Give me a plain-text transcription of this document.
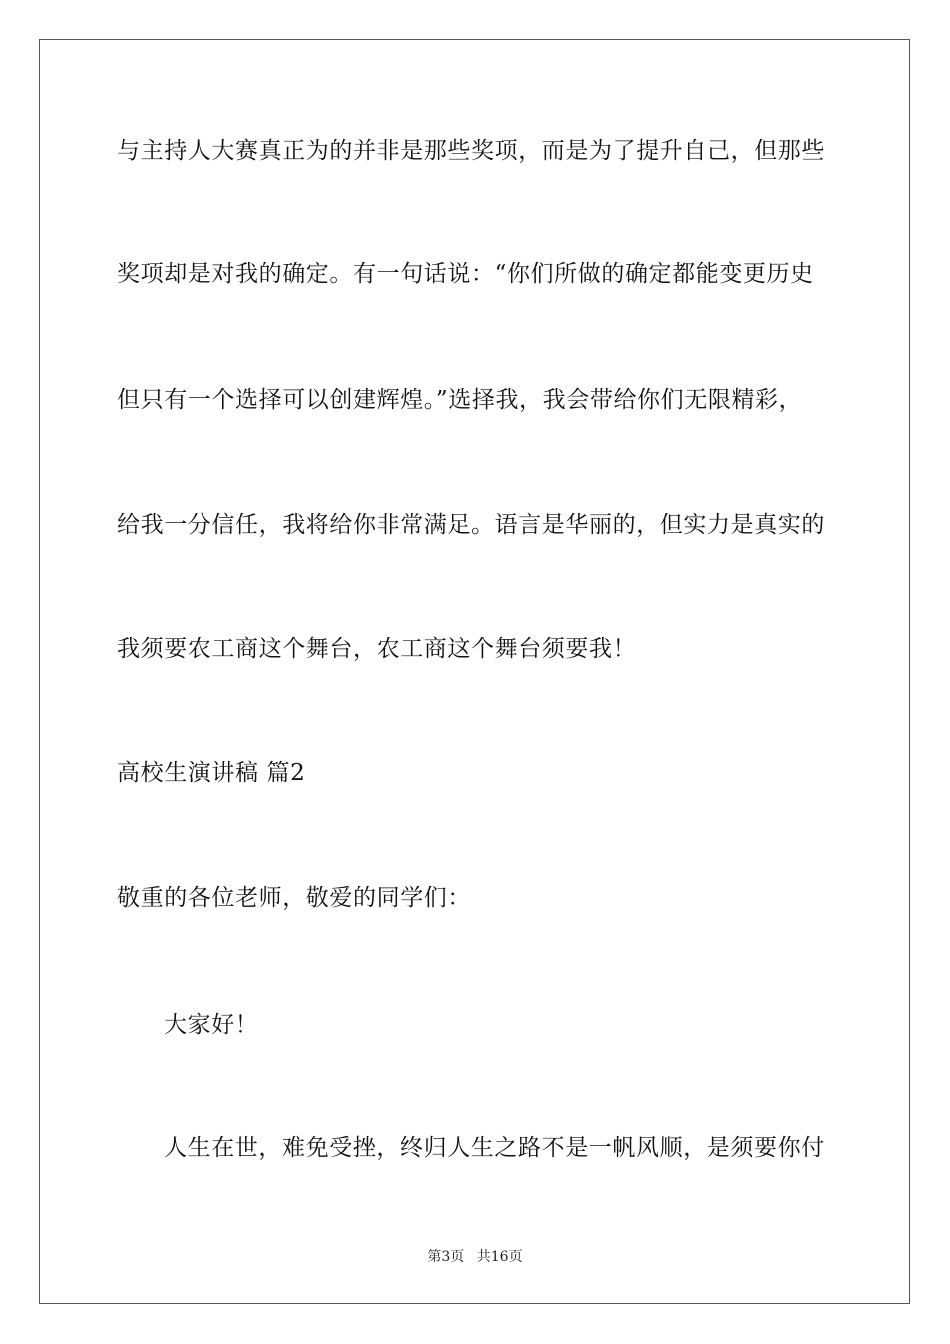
与主持人大赛真正为的并非是那些奖项，而是为了提升自己，但那些
奖项却是对我的确定。有一句话说：“你们所做的确定都能变更历史
但只有一个选择可以创建辉煌。”选择我，我会带给你们无限精彩，
给我一分信任，我将给你非常满足。语言是华丽的，但实力是真实的
我须要农工商这个舞台，农工商这个舞台须要我！
高校生演讲稿 篇2
敬重的各位老师，敬爱的同学们：
大家好！
人生在世，难免受挫，终归人生之路不是一帆风顺，是须要你付
第3页 共16页
